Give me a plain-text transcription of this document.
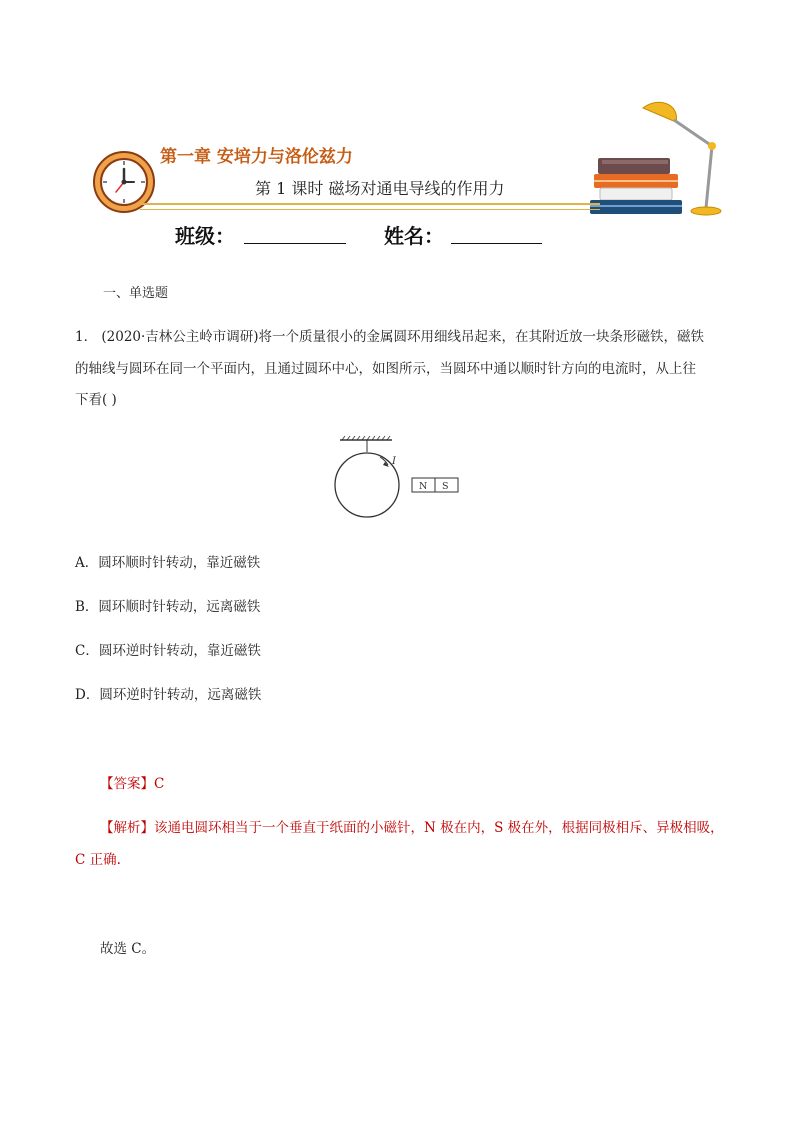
第一章 安培力与洛伦兹力
第 1 课时 磁场对通电导线的作用力
班级：	姓名：
一、单选题
1． (2020·吉林公主岭市调研)将一个质量很小的金属圆环用细线吊起来，在其附近放一块条形磁铁，磁铁
的轴线与圆环在同一个平面内，且通过圆环中心，如图所示，当圆环中通以顺时针方向的电流时，从上往
下看( )
I
N S
A．圆环顺时针转动，靠近磁铁
B．圆环顺时针转动，远离磁铁
C．圆环逆时针转动，靠近磁铁
D．圆环逆时针转动，远离磁铁
【答案】C
【解析】该通电圆环相当于一个垂直于纸面的小磁针，N 极在内，S 极在外，根据同极相斥、异极相吸，
C 正确.
故选 C。
